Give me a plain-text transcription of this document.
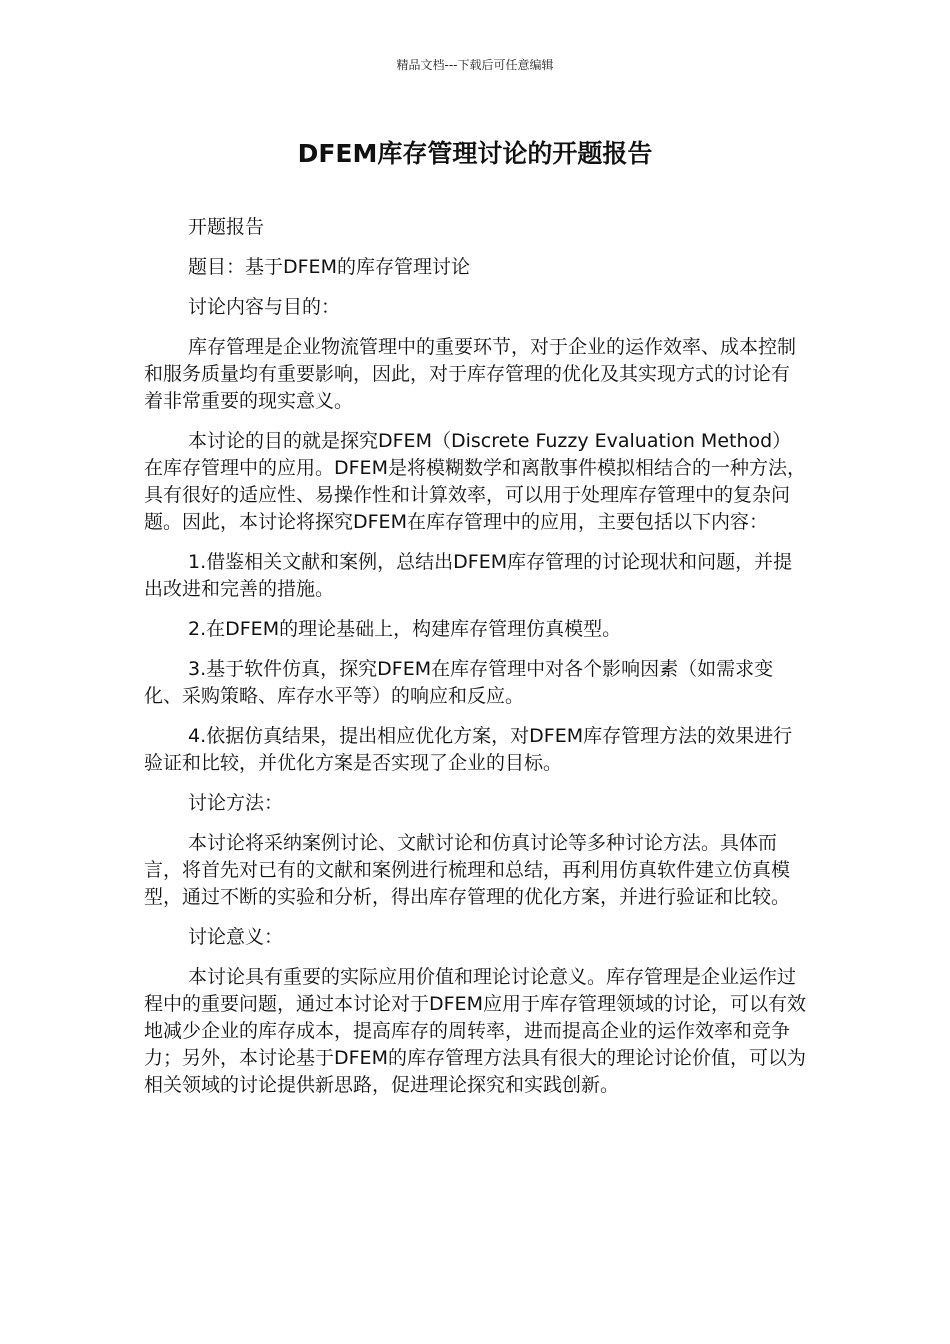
精品文档---下载后可任意编辑
DFEM库存管理讨论的开题报告

开题报告

题目：基于DFEM的库存管理讨论

讨论内容与目的：

库存管理是企业物流管理中的重要环节，对于企业的运作效率、成本控制和服务质量均有重要影响，因此，对于库存管理的优化及其实现方式的讨论有着非常重要的现实意义。

本讨论的目的就是探究DFEM（Discrete Fuzzy Evaluation Method）在库存管理中的应用。DFEM是将模糊数学和离散事件模拟相结合的一种方法，具有很好的适应性、易操作性和计算效率，可以用于处理库存管理中的复杂问题。因此，本讨论将探究DFEM在库存管理中的应用，主要包括以下内容：

1.借鉴相关文献和案例，总结出DFEM库存管理的讨论现状和问题，并提出改进和完善的措施。

2.在DFEM的理论基础上，构建库存管理仿真模型。

3.基于软件仿真，探究DFEM在库存管理中对各个影响因素（如需求变化、采购策略、库存水平等）的响应和反应。

4.依据仿真结果，提出相应优化方案，对DFEM库存管理方法的效果进行验证和比较，并优化方案是否实现了企业的目标。

讨论方法：

本讨论将采纳案例讨论、文献讨论和仿真讨论等多种讨论方法。具体而言，将首先对已有的文献和案例进行梳理和总结，再利用仿真软件建立仿真模型，通过不断的实验和分析，得出库存管理的优化方案，并进行验证和比较。

讨论意义：

本讨论具有重要的实际应用价值和理论讨论意义。库存管理是企业运作过程中的重要问题，通过本讨论对于DFEM应用于库存管理领域的讨论，可以有效地减少企业的库存成本，提高库存的周转率，进而提高企业的运作效率和竞争力；另外，本讨论基于DFEM的库存管理方法具有很大的理论讨论价值，可以为相关领域的讨论提供新思路，促进理论探究和实践创新。
